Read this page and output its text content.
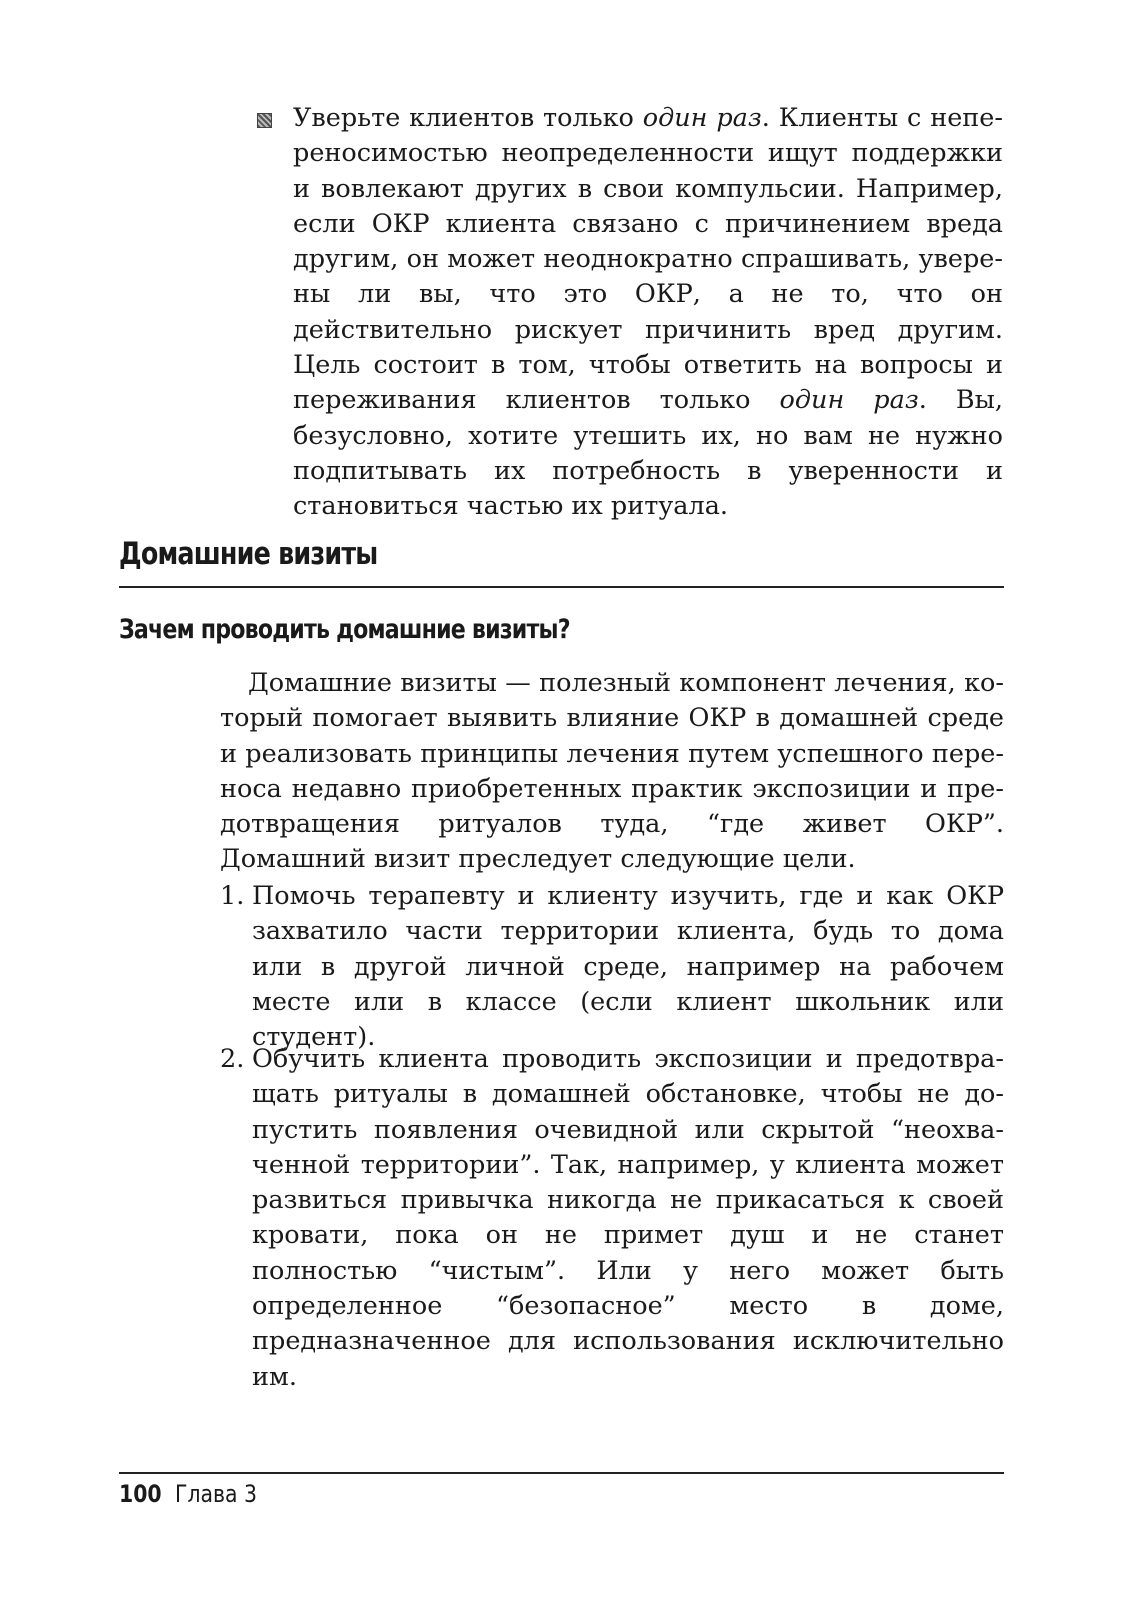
Уверьте клиентов только один раз. Клиенты с непереносимостью неопределенности ищут поддержки и вовлекают других в свои компульсии. Например, если ОКР клиента связано с причинением вреда другим, он может неоднократно спрашивать, уверены ли вы, что это ОКР, а не то, что он действительно рискует причинить вред другим. Цель состоит в том, чтобы ответить на вопросы и переживания клиентов только один раз. Вы, безусловно, хотите утешить их, но вам не нужно подпитывать их потребность в уверенности и становиться частью их ритуала.

Домашние визиты
Зачем проводить домашние визиты?

Домашние визиты — полезный компонент лечения, который помогает выявить влияние ОКР в домашней среде и реализовать принципы лечения путем успешного переноса недавно приобретенных практик экспозиции и предотвращения ритуалов туда, “где живет ОКР”. Домашний визит преследует следующие цели.

1. Помочь терапевту и клиенту изучить, где и как ОКР захватило части территории клиента, будь то дома или в другой личной среде, например на рабочем месте или в классе (если клиент школьник или студент).
2. Обучить клиента проводить экспозиции и предотвращать ритуалы в домашней обстановке, чтобы не допустить появления очевидной или скрытой “неохваченной территории”. Так, например, у клиента может развиться привычка никогда не прикасаться к своей кровати, пока он не примет душ и не станет полностью “чистым”. Или у него может быть определенное “безопасное” место в доме, предназначенное для использования исключительно им.
100 Глава 3
